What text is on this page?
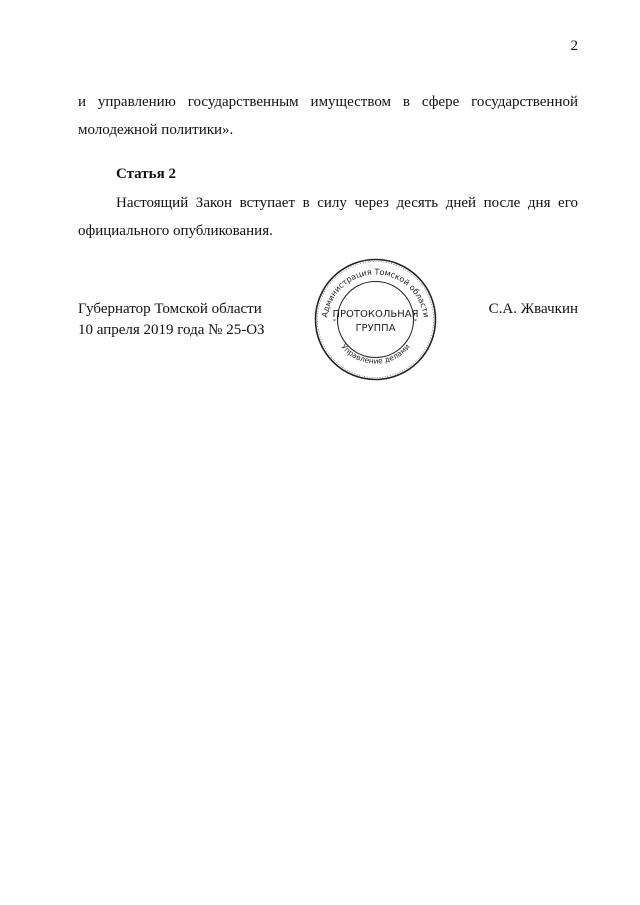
2

и управлению государственным имуществом в сфере государственной молодежной политики».

Статья 2

Настоящий Закон вступает в силу через десять дней после дня его официального опубликования.

Губернатор Томской области
10 апреля 2019 года № 25-ОЗ
С.А. Жвачкин
Администрация Томской области
Управление делами
ПРОТОКОЛЬНАЯ
ГРУППА
*	*
